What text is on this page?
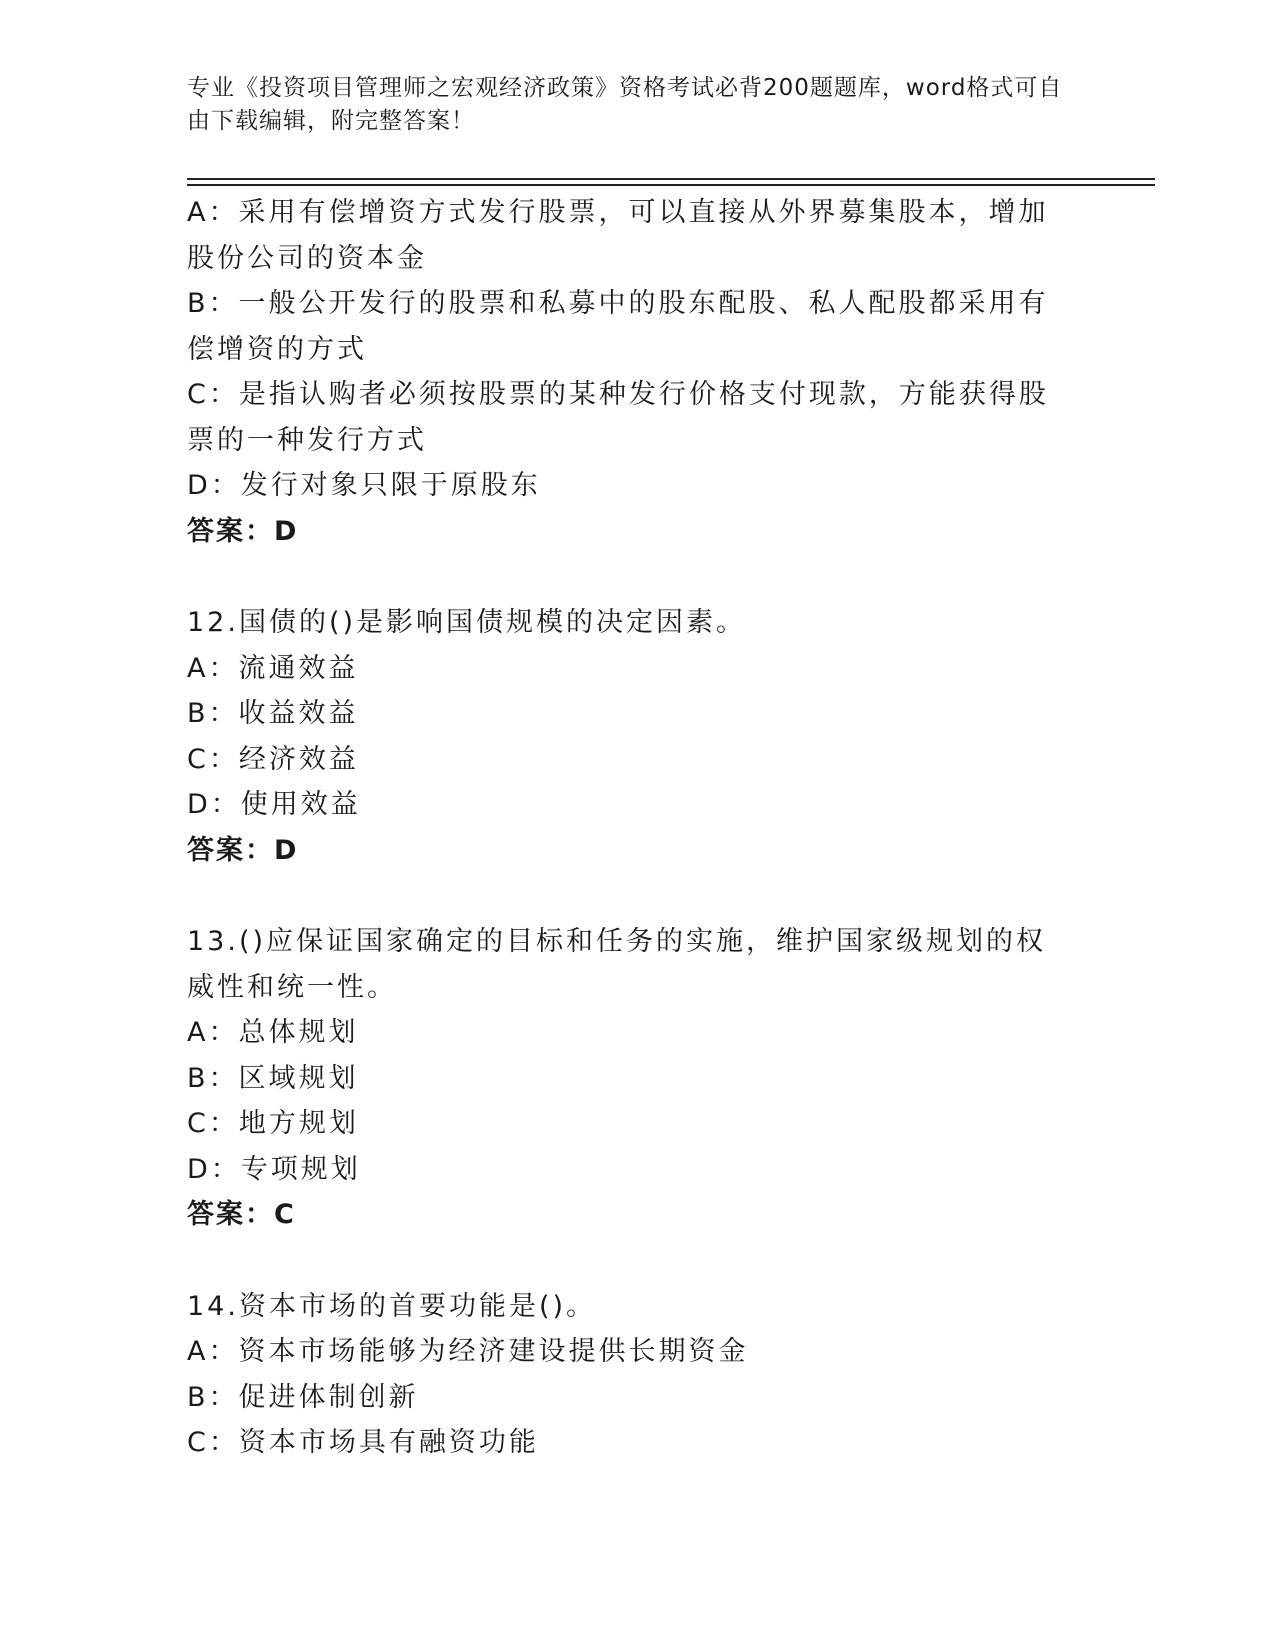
专业《投资项目管理师之宏观经济政策》资格考试必背200题题库，word格式可自由下载编辑，附完整答案！

A：采用有偿增资方式发行股票，可以直接从外界募集股本，增加股份公司的资本金

B：一般公开发行的股票和私募中的股东配股、私人配股都采用有偿增资的方式

C：是指认购者必须按股票的某种发行价格支付现款，方能获得股票的一种发行方式

D：发行对象只限于原股东

答案：D

12.国债的()是影响国债规模的决定因素。

A：流通效益

B：收益效益

C：经济效益

D：使用效益

答案：D

13.()应保证国家确定的目标和任务的实施，维护国家级规划的权威性和统一性。

A：总体规划

B：区域规划

C：地方规划

D：专项规划

答案：C

14.资本市场的首要功能是()。

A：资本市场能够为经济建设提供长期资金

B：促进体制创新

C：资本市场具有融资功能
